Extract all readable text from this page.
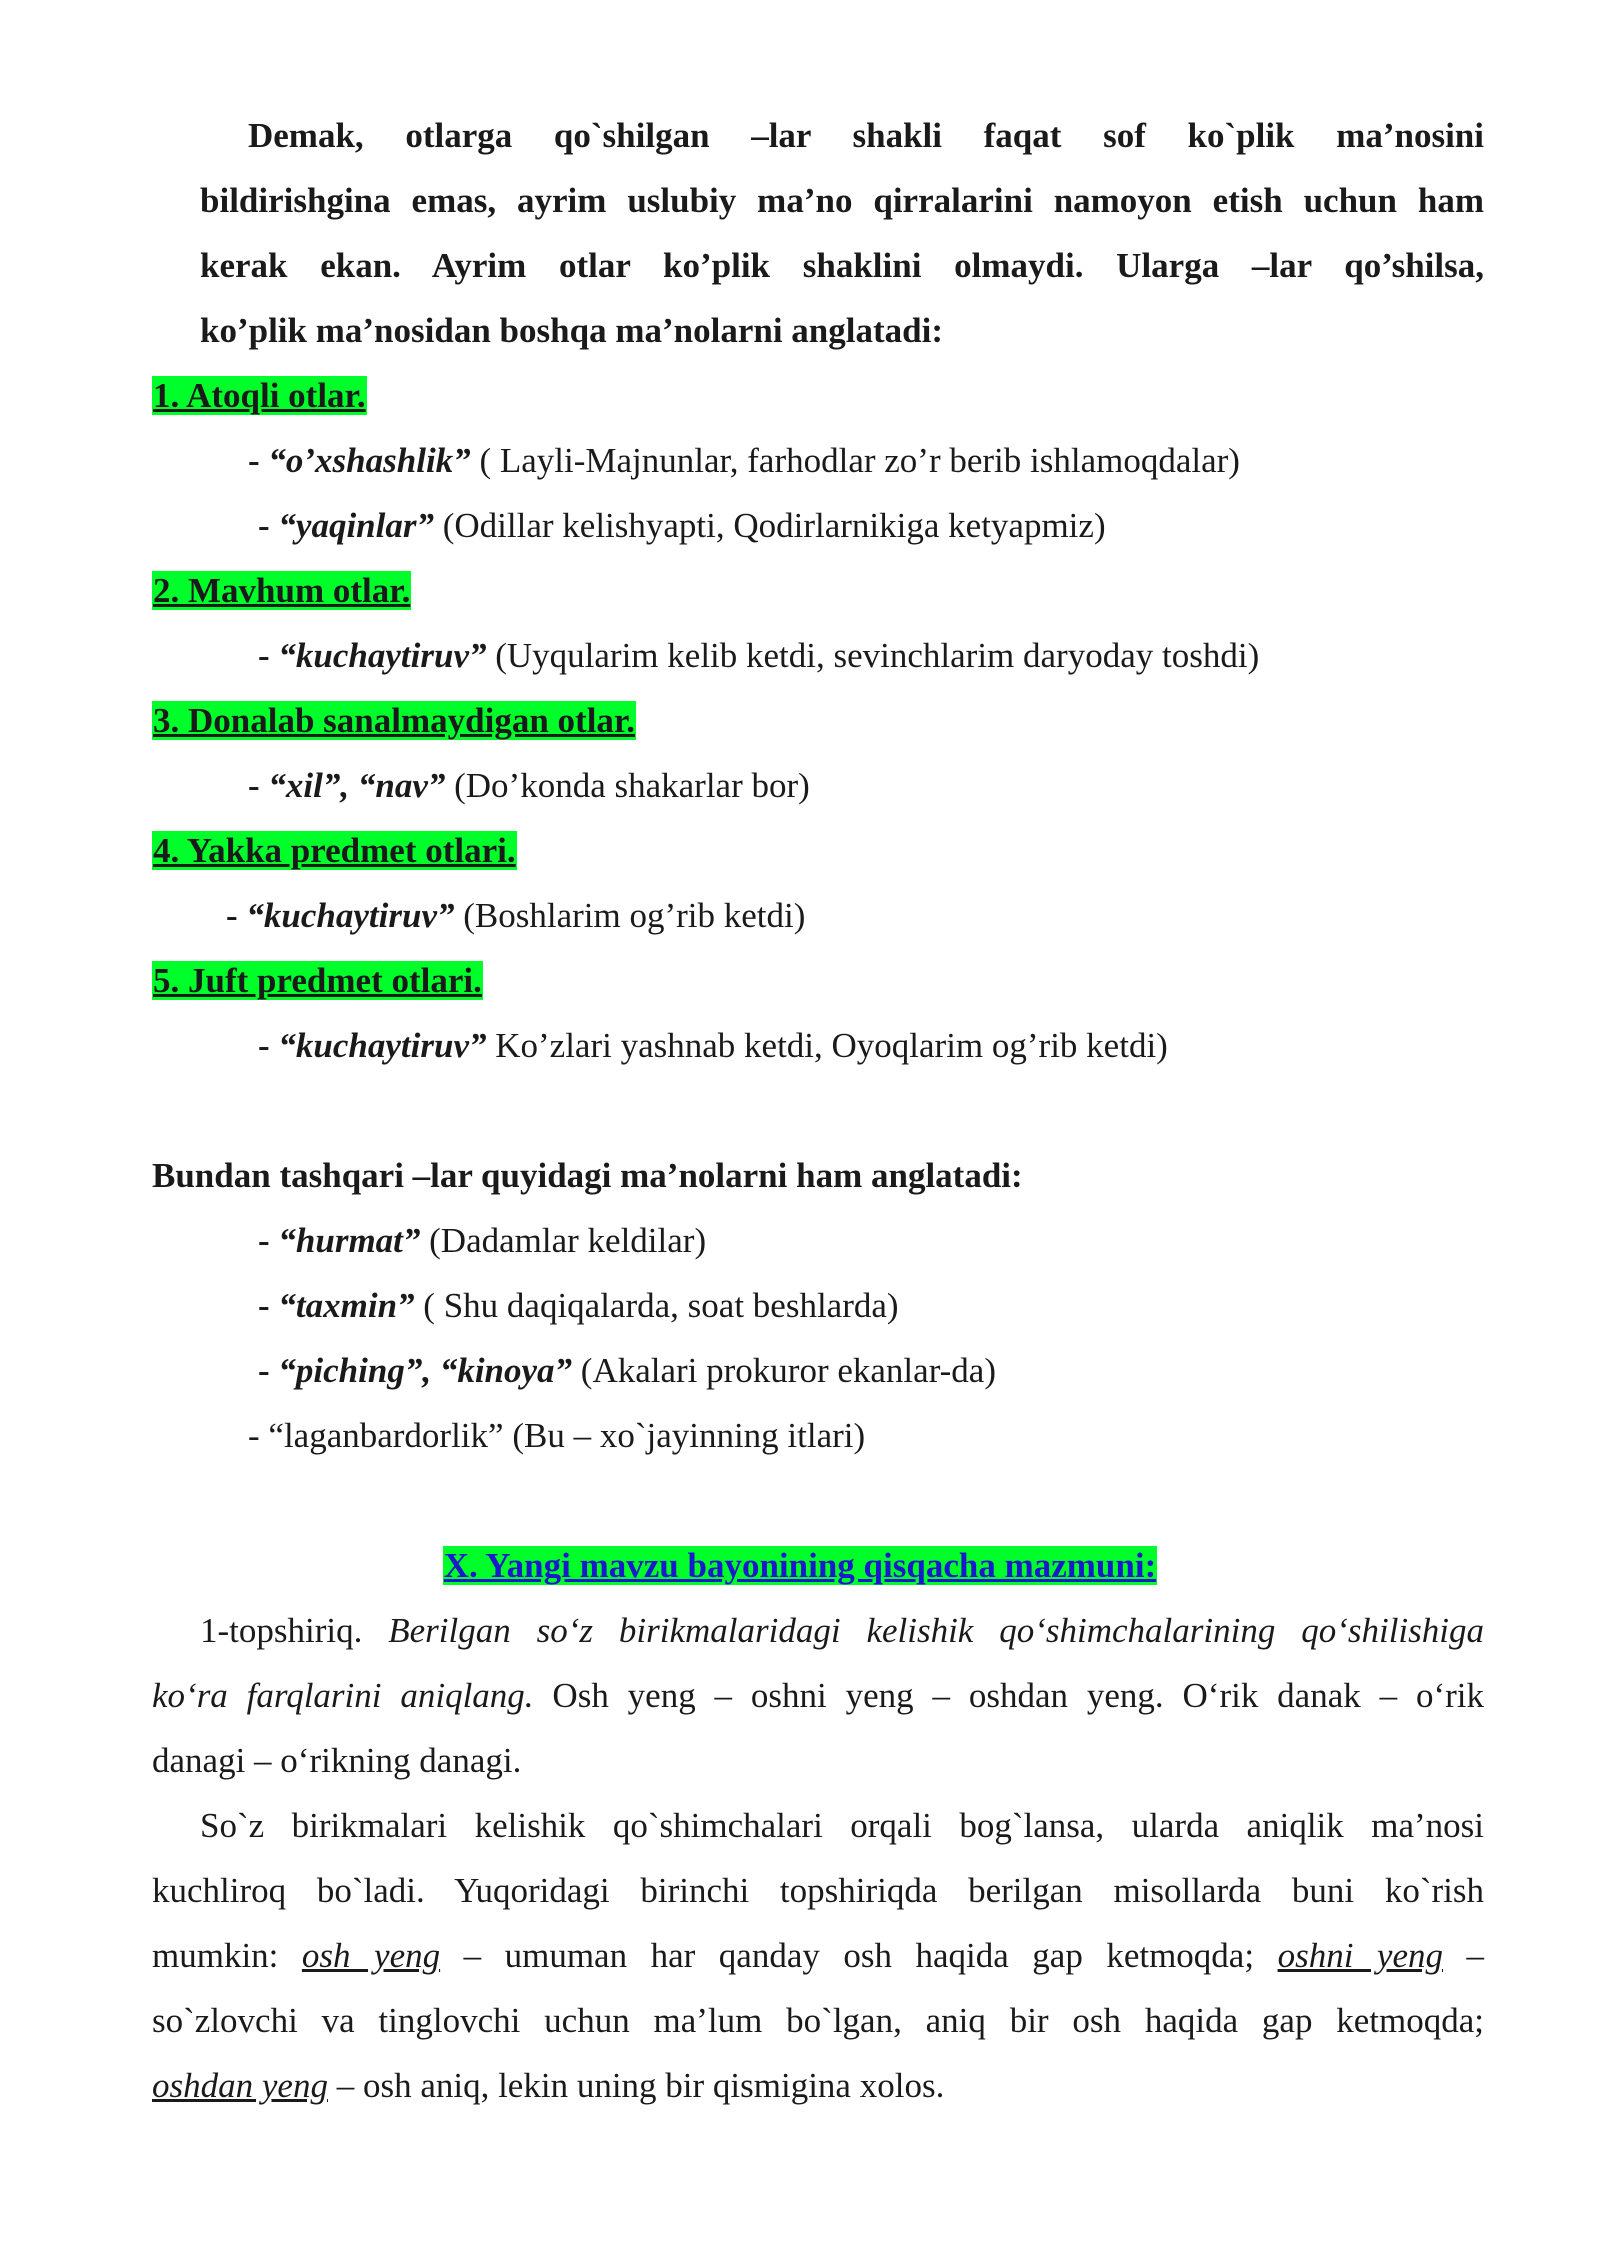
Demak, otlarga qo`shilgan –lar shakli faqat sof ko`plik ma’nosini
bildirishgina emas, ayrim uslubiy ma’no qirralarini namoyon etish uchun ham
kerak ekan. Ayrim otlar ko’plik shaklini olmaydi. Ularga –lar qo’shilsa,
ko’plik ma’nosidan boshqa ma’nolarni anglatadi:
1. Atoqli otlar.
- “o’xshashlik” ( Layli-Majnunlar, farhodlar zo’r berib ishlamoqdalar)
- “yaqinlar” (Odillar kelishyapti, Qodirlarnikiga ketyapmiz)
2. Mavhum otlar.
- “kuchaytiruv” (Uyqularim kelib ketdi, sevinchlarim daryoday toshdi)
3. Donalab sanalmaydigan otlar.
- “xil”, “nav” (Do’konda shakarlar bor)
4. Yakka predmet otlari.
- “kuchaytiruv” (Boshlarim og’rib ketdi)
5. Juft predmet otlari.
- “kuchaytiruv” Ko’zlari yashnab ketdi, Oyoqlarim og’rib ketdi)
Bundan tashqari –lar quyidagi ma’nolarni ham anglatadi:
- “hurmat” (Dadamlar keldilar)
- “taxmin” ( Shu daqiqalarda, soat beshlarda)
- “piching”, “kinoya” (Akalari prokuror ekanlar-da)
- “laganbardorlik” (Bu – xo`jayinning itlari)
X. Yangi mavzu bayonining qisqacha mazmuni:
1-topshiriq. Berilgan so‘z birikmalaridagi kelishik qo‘shimchalarining qo‘shilishiga
ko‘ra farqlarini aniqlang. Osh yeng – oshni yeng – oshdan yeng. O‘rik danak – o‘rik
danagi – o‘rikning danagi.
So`z birikmalari kelishik qo`shimchalari orqali bog`lansa, ularda aniqlik ma’nosi
kuchliroq bo`ladi. Yuqoridagi birinchi topshiriqda berilgan misollarda buni ko`rish
mumkin: osh yeng – umuman har qanday osh haqida gap ketmoqda; oshni yeng –
so`zlovchi va tinglovchi uchun ma’lum bo`lgan, aniq bir osh haqida gap ketmoqda;
oshdan yeng – osh aniq, lekin uning bir qismigina xolos.
